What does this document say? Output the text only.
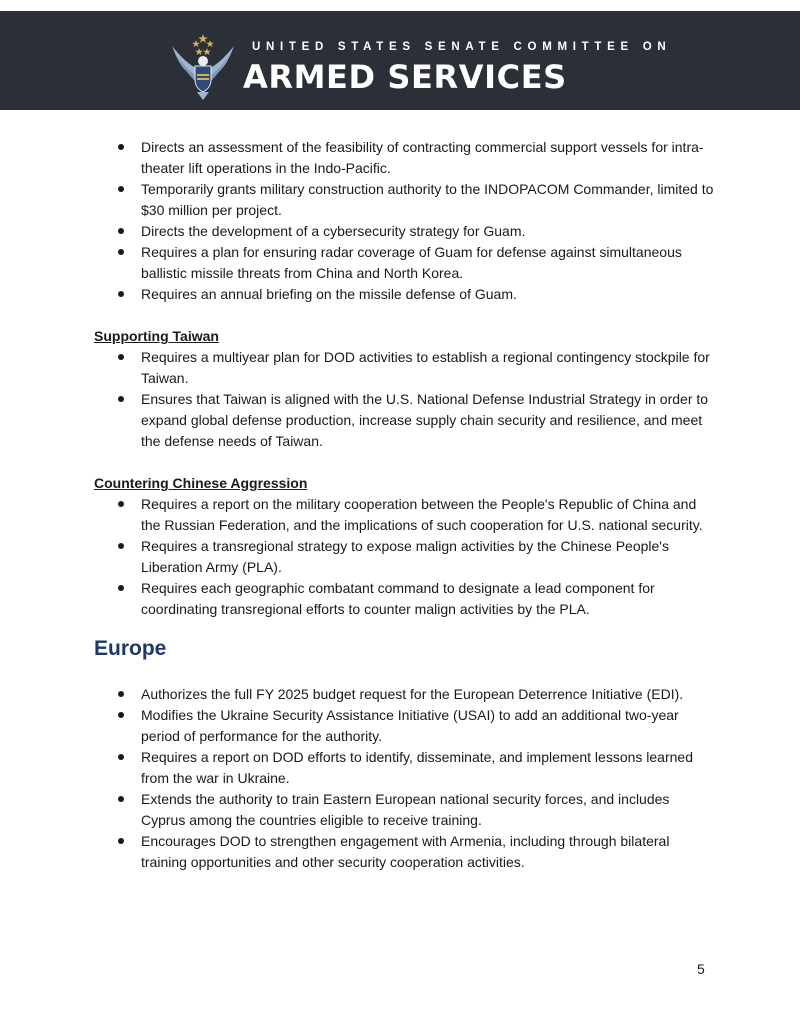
UNITED STATES SENATE COMMITTEE ON
ARMED SERVICES
Directs an assessment of the feasibility of contracting commercial support vessels for intra-theater lift operations in the Indo-Pacific.
Temporarily grants military construction authority to the INDOPACOM Commander, limited to $30 million per project.
Directs the development of a cybersecurity strategy for Guam.
Requires a plan for ensuring radar coverage of Guam for defense against simultaneous ballistic missile threats from China and North Korea.
Requires an annual briefing on the missile defense of Guam.
Supporting Taiwan
Requires a multiyear plan for DOD activities to establish a regional contingency stockpile for Taiwan.
Ensures that Taiwan is aligned with the U.S. National Defense Industrial Strategy in order to expand global defense production, increase supply chain security and resilience, and meet the defense needs of Taiwan.
Countering Chinese Aggression
Requires a report on the military cooperation between the People's Republic of China and the Russian Federation, and the implications of such cooperation for U.S. national security.
Requires a transregional strategy to expose malign activities by the Chinese People's Liberation Army (PLA).
Requires each geographic combatant command to designate a lead component for coordinating transregional efforts to counter malign activities by the PLA.
Europe
Authorizes the full FY 2025 budget request for the European Deterrence Initiative (EDI).
Modifies the Ukraine Security Assistance Initiative (USAI) to add an additional two-year period of performance for the authority.
Requires a report on DOD efforts to identify, disseminate, and implement lessons learned from the war in Ukraine.
Extends the authority to train Eastern European national security forces, and includes Cyprus among the countries eligible to receive training.
Encourages DOD to strengthen engagement with Armenia, including through bilateral training opportunities and other security cooperation activities.
5
